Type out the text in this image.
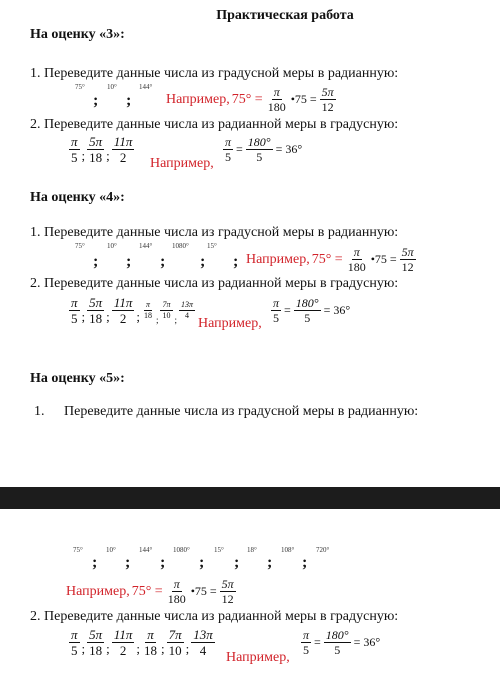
Практическая работа
На оценку «3»:
1. Переведите данные числа из градусной меры в радианную:
75°	10°	144°
; ; Например, $75^\circ = \frac{\pi}{180}$ •75 = $\frac{5\pi}{12}$
2. Переведите данные числа из радианной меры в градусную:
$\frac{\pi}{5}$ ; $\frac{5\pi}{18}$ ; $\frac{11\pi}{2}$ Например,
$\frac{\pi}{5} = \frac{180^\circ}{5} = 36^\circ$
На оценку «4»:
1. Переведите данные числа из градусной меры в радианную:
75°	10°	144°	1080°	15°
; ; ; ; ; Например, $75^\circ = \frac{\pi}{180}$ •75 = $\frac{5\pi}{12}$
2. Переведите данные числа из радианной меры в градусную:
$\frac{\pi}{5}$ ; $\frac{5\pi}{18}$ ; $\frac{11\pi}{2}$ ; $\frac{\pi}{18}$ ; $\frac{7\pi}{10}$ ; $\frac{13\pi}{4}$
Например, $\frac{\pi}{5} = \frac{180^\circ}{5} = 36^\circ$
На оценку «5»:
1. Переведите данные числа из градусной меры в радианную:
75°	10°	144°	1080°	15°	18°	108°	720°
; ; ; ; ; ; ;
Например, $75^\circ = \frac{\pi}{180}$ •75 = $\frac{5\pi}{12}$
2. Переведите данные числа из радианной меры в градусную:
$\frac{\pi}{5}$ ; $\frac{5\pi}{18}$ ; $\frac{11\pi}{2}$ ; $\frac{\pi}{18}$ ; $\frac{7\pi}{10}$ ; $\frac{13\pi}{4}$
Например,
$\frac{\pi}{5} = \frac{180^\circ}{5} = 36^\circ$
